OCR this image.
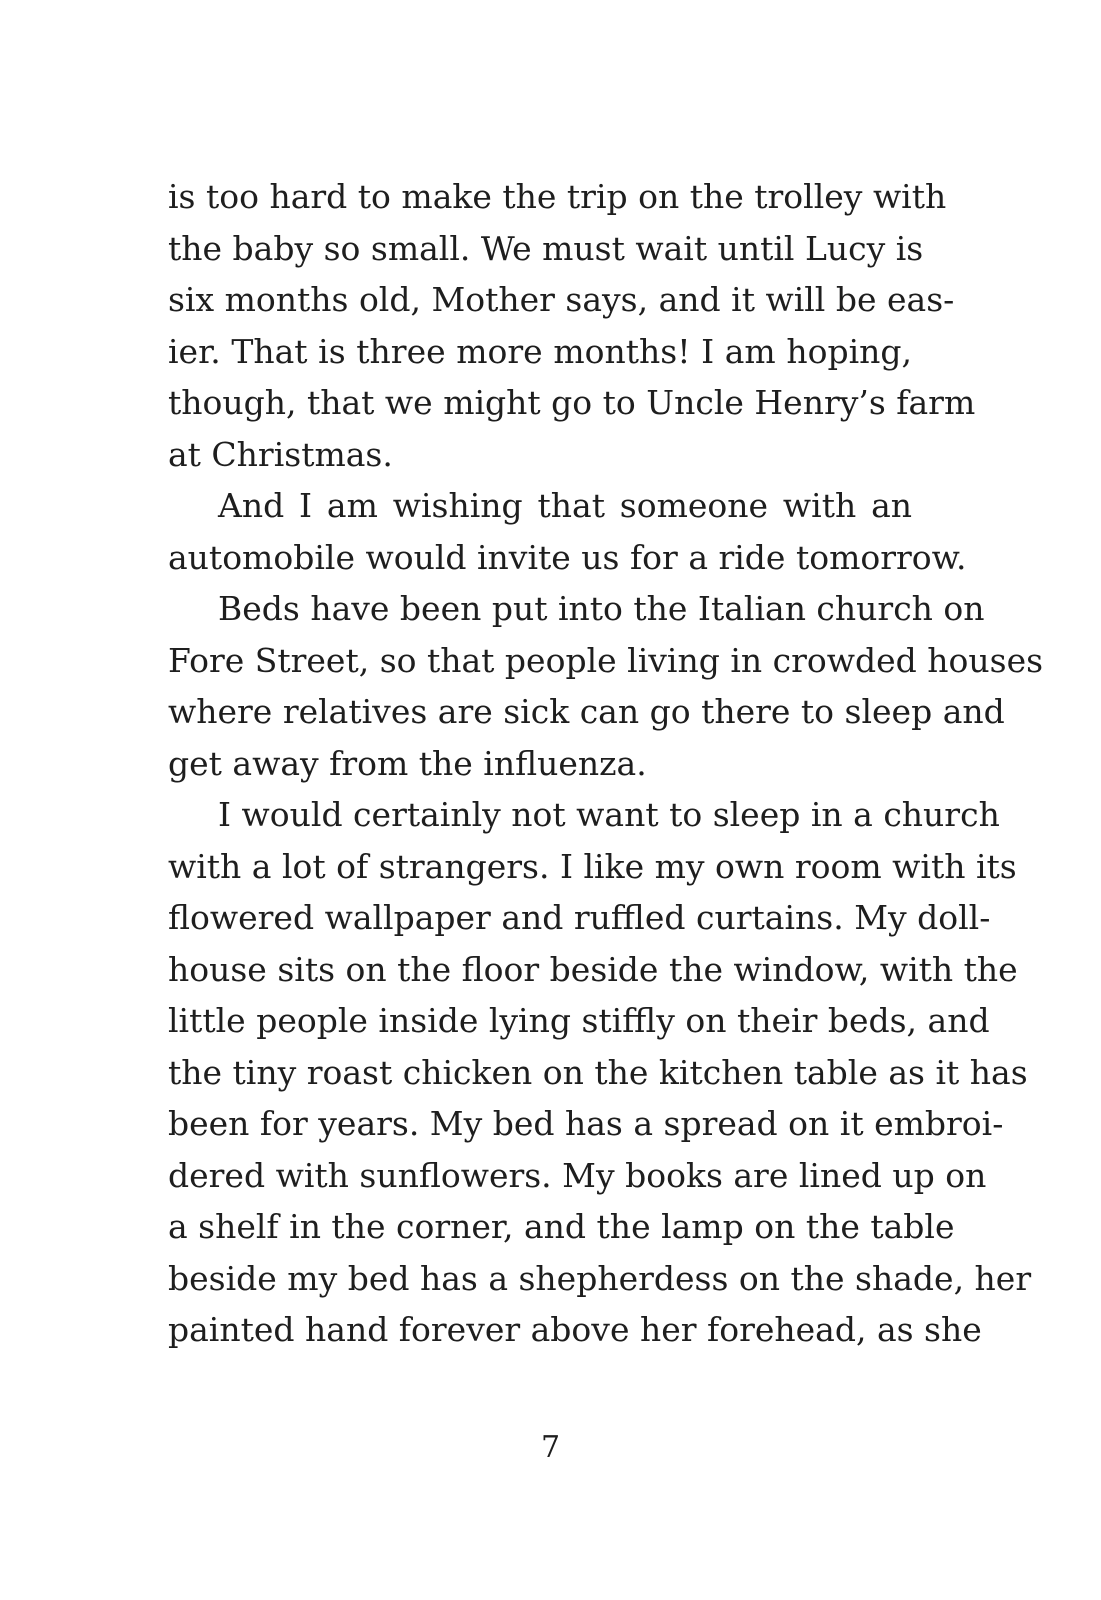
is too hard to make the trip on the trolley with
the baby so small. We must wait until Lucy is
six months old, Mother says, and it will be eas-
ier. That is three more months! I am hoping,
though, that we might go to Uncle Henry’s farm
at Christmas.
And I am wishing that someone with an
automobile would invite us for a ride tomorrow.
Beds have been put into the Italian church on
Fore Street, so that people living in crowded houses
where relatives are sick can go there to sleep and
get away from the influenza.
I would certainly not want to sleep in a church
with a lot of strangers. I like my own room with its
flowered wallpaper and ruffled curtains. My doll-
house sits on the floor beside the window, with the
little people inside lying stiffly on their beds, and
the tiny roast chicken on the kitchen table as it has
been for years. My bed has a spread on it embroi-
dered with sunflowers. My books are lined up on
a shelf in the corner, and the lamp on the table
beside my bed has a shepherdess on the shade, her
painted hand forever above her forehead, as she
7
